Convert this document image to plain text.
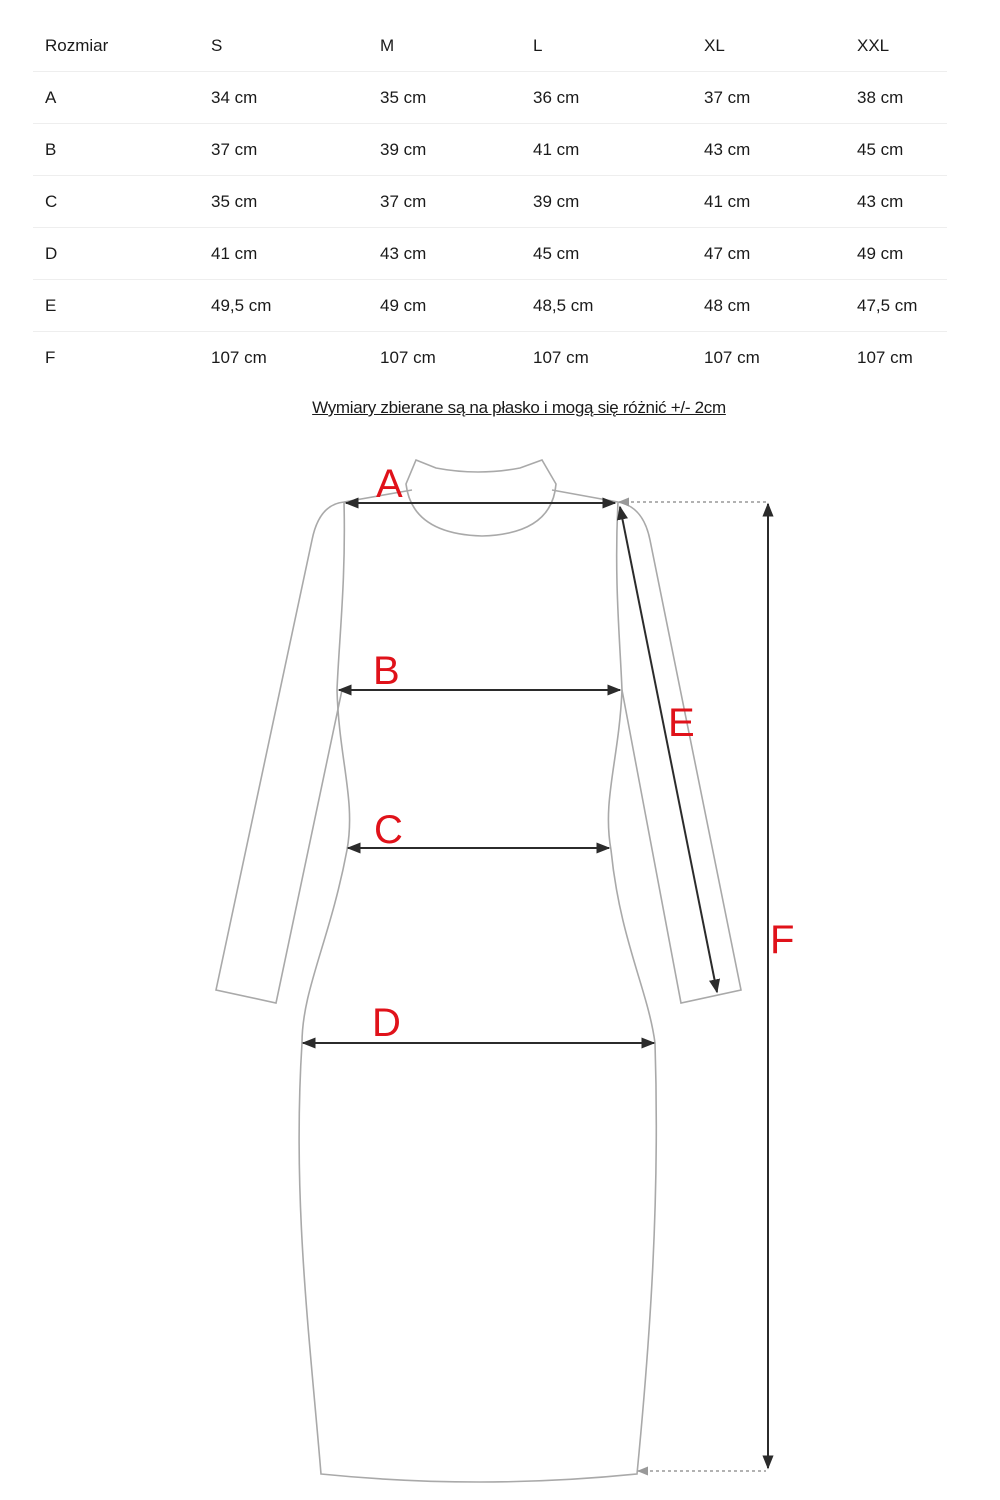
Rozmiar	S	M	L	XL	XXL
A	34 cm	35 cm	36 cm	37 cm	38 cm
B	37 cm	39 cm	41 cm	43 cm	45 cm
C	35 cm	37 cm	39 cm	41 cm	43 cm
D	41 cm	43 cm	45 cm	47 cm	49 cm
E	49,5 cm	49 cm	48,5 cm	48 cm	47,5 cm
F	107 cm	107 cm	107 cm	107 cm	107 cm
Wymiary zbierane są na płasko i mogą się różnić +/- 2cm
A
B
C
D
E
F
